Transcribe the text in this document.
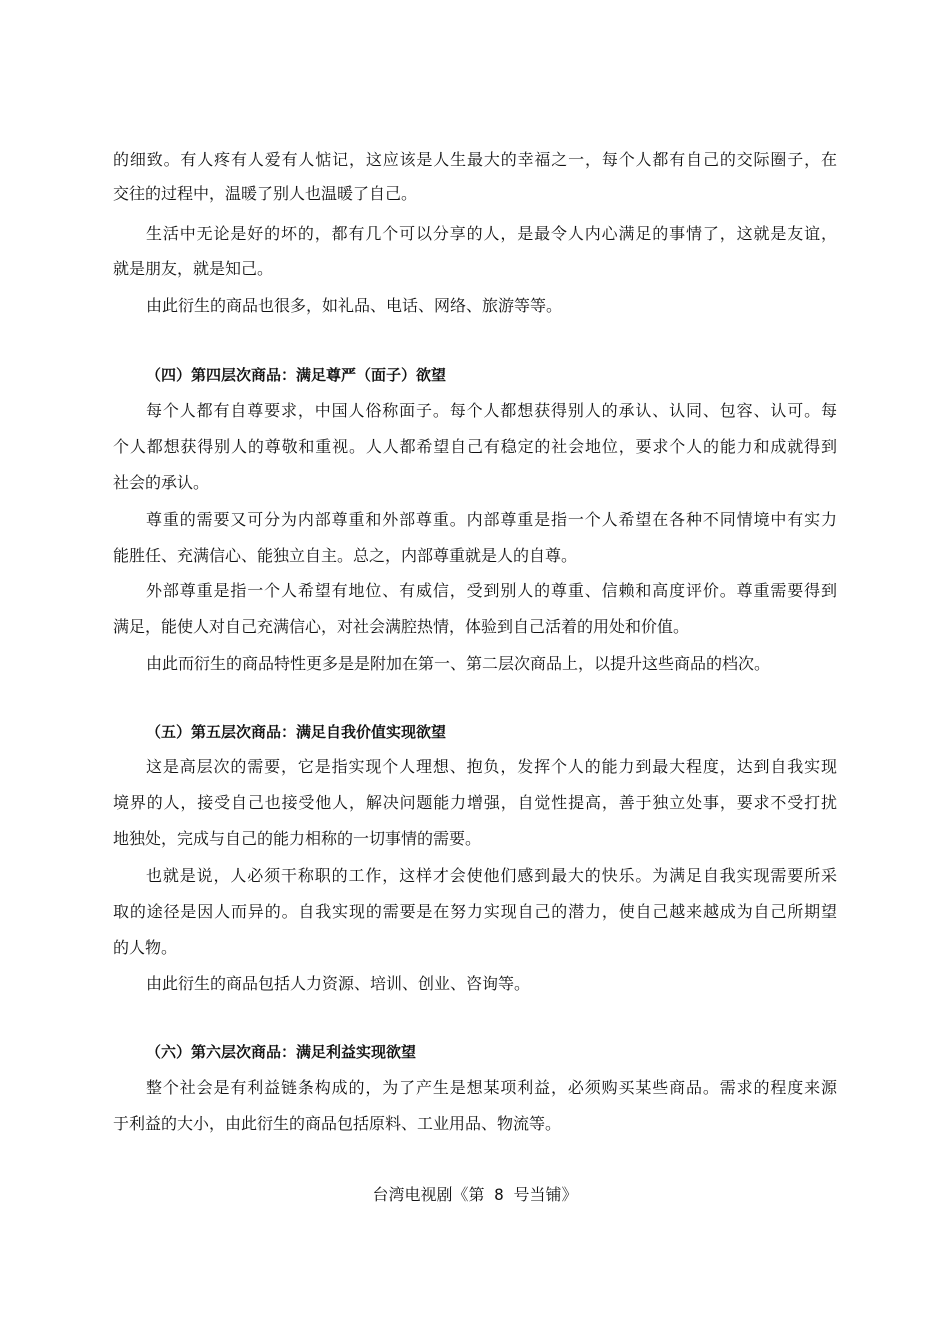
的细致。有人疼有人爱有人惦记，这应该是人生最大的幸福之一，每个人都有自己的交际圈子，在
交往的过程中，温暖了别人也温暖了自己。
生活中无论是好的坏的，都有几个可以分享的人，是最令人内心满足的事情了，这就是友谊，
就是朋友，就是知己。
由此衍生的商品也很多，如礼品、电话、网络、旅游等等。
（四）第四层次商品：满足尊严（面子）欲望
每个人都有自尊要求，中国人俗称面子。每个人都想获得别人的承认、认同、包容、认可。每
个人都想获得别人的尊敬和重视。人人都希望自己有稳定的社会地位，要求个人的能力和成就得到
社会的承认。
尊重的需要又可分为内部尊重和外部尊重。内部尊重是指一个人希望在各种不同情境中有实力
能胜任、充满信心、能独立自主。总之，内部尊重就是人的自尊。
外部尊重是指一个人希望有地位、有威信，受到别人的尊重、信赖和高度评价。尊重需要得到
满足，能使人对自己充满信心，对社会满腔热情，体验到自己活着的用处和价值。
由此而衍生的商品特性更多是是附加在第一、第二层次商品上，以提升这些商品的档次。
（五）第五层次商品：满足自我价值实现欲望
这是高层次的需要，它是指实现个人理想、抱负，发挥个人的能力到最大程度，达到自我实现
境界的人，接受自己也接受他人，解决问题能力增强，自觉性提高，善于独立处事，要求不受打扰
地独处，完成与自己的能力相称的一切事情的需要。
也就是说，人必须干称职的工作，这样才会使他们感到最大的快乐。为满足自我实现需要所采
取的途径是因人而异的。自我实现的需要是在努力实现自己的潜力，使自己越来越成为自己所期望
的人物。
由此衍生的商品包括人力资源、培训、创业、咨询等。
（六）第六层次商品：满足利益实现欲望
整个社会是有利益链条构成的，为了产生是想某项利益，必须购买某些商品。需求的程度来源
于利益的大小，由此衍生的商品包括原料、工业用品、物流等。
台湾电视剧《第 8 号当铺》
